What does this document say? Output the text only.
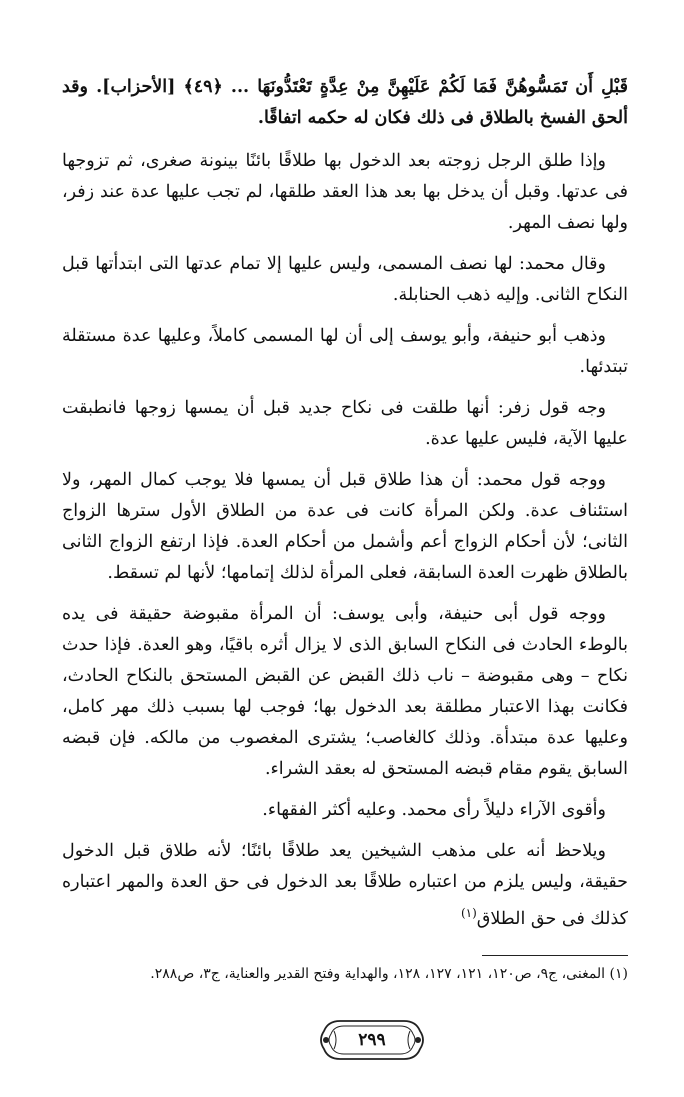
قَبْلِ أَن تَمَسُّوهُنَّ فَمَا لَكُمْ عَلَيْهِنَّ مِنْ عِدَّةٍ تَعْتَدُّونَهَا ... ﴿٤٩﴾ [الأحزاب]. وقد ألحق الفسخ بالطلاق فى ذلك فكان له حكمه اتفاقًا.

وإذا طلق الرجل زوجته بعد الدخول بها طلاقًا بائنًا بينونة صغرى، ثم تزوجها فى عدتها. وقبل أن يدخل بها بعد هذا العقد طلقها، لم تجب عليها عدة عند زفر، ولها نصف المهر.

وقال محمد: لها نصف المسمى، وليس عليها إلا تمام عدتها التى ابتدأتها قبل النكاح الثانى. وإليه ذهب الحنابلة.

وذهب أبو حنيفة، وأبو يوسف إلى أن لها المسمى كاملاً، وعليها عدة مستقلة تبتدئها.

وجه قول زفر: أنها طلقت فى نكاح جديد قبل أن يمسها زوجها فانطبقت عليها الآية، فليس عليها عدة.

ووجه قول محمد: أن هذا طلاق قبل أن يمسها فلا يوجب كمال المهر، ولا استئناف عدة. ولكن المرأة كانت فى عدة من الطلاق الأول سترها الزواج الثانى؛ لأن أحكام الزواج أعم وأشمل من أحكام العدة. فإذا ارتفع الزواج الثانى بالطلاق ظهرت العدة السابقة، فعلى المرأة لذلك إتمامها؛ لأنها لم تسقط.

ووجه قول أبى حنيفة، وأبى يوسف: أن المرأة مقبوضة حقيقة فى يده بالوطء الحادث فى النكاح السابق الذى لا يزال أثره باقيًا، وهو العدة. فإذا حدث نكاح – وهى مقبوضة – ناب ذلك القبض عن القبض المستحق بالنكاح الحادث، فكانت بهذا الاعتبار مطلقة بعد الدخول بها؛ فوجب لها بسبب ذلك مهر كامل، وعليها عدة مبتدأة. وذلك كالغاصب؛ يشترى المغصوب من مالكه. فإن قبضه السابق يقوم مقام قبضه المستحق له بعقد الشراء.

وأقوى الآراء دليلاً رأى محمد. وعليه أكثر الفقهاء.

ويلاحظ أنه على مذهب الشيخين يعد طلاقًا بائنًا؛ لأنه طلاق قبل الدخول حقيقة، وليس يلزم من اعتباره طلاقًا بعد الدخول فى حق العدة والمهر اعتباره كذلك فى حق الطلاق$^{(١)}$

(١) المغنى، ج٩، ص١٢٠، ١٢١، ١٢٧، ١٢٨، والهداية وفتح القدير والعناية، ج٣، ص٢٨٨.
٢٩٩
